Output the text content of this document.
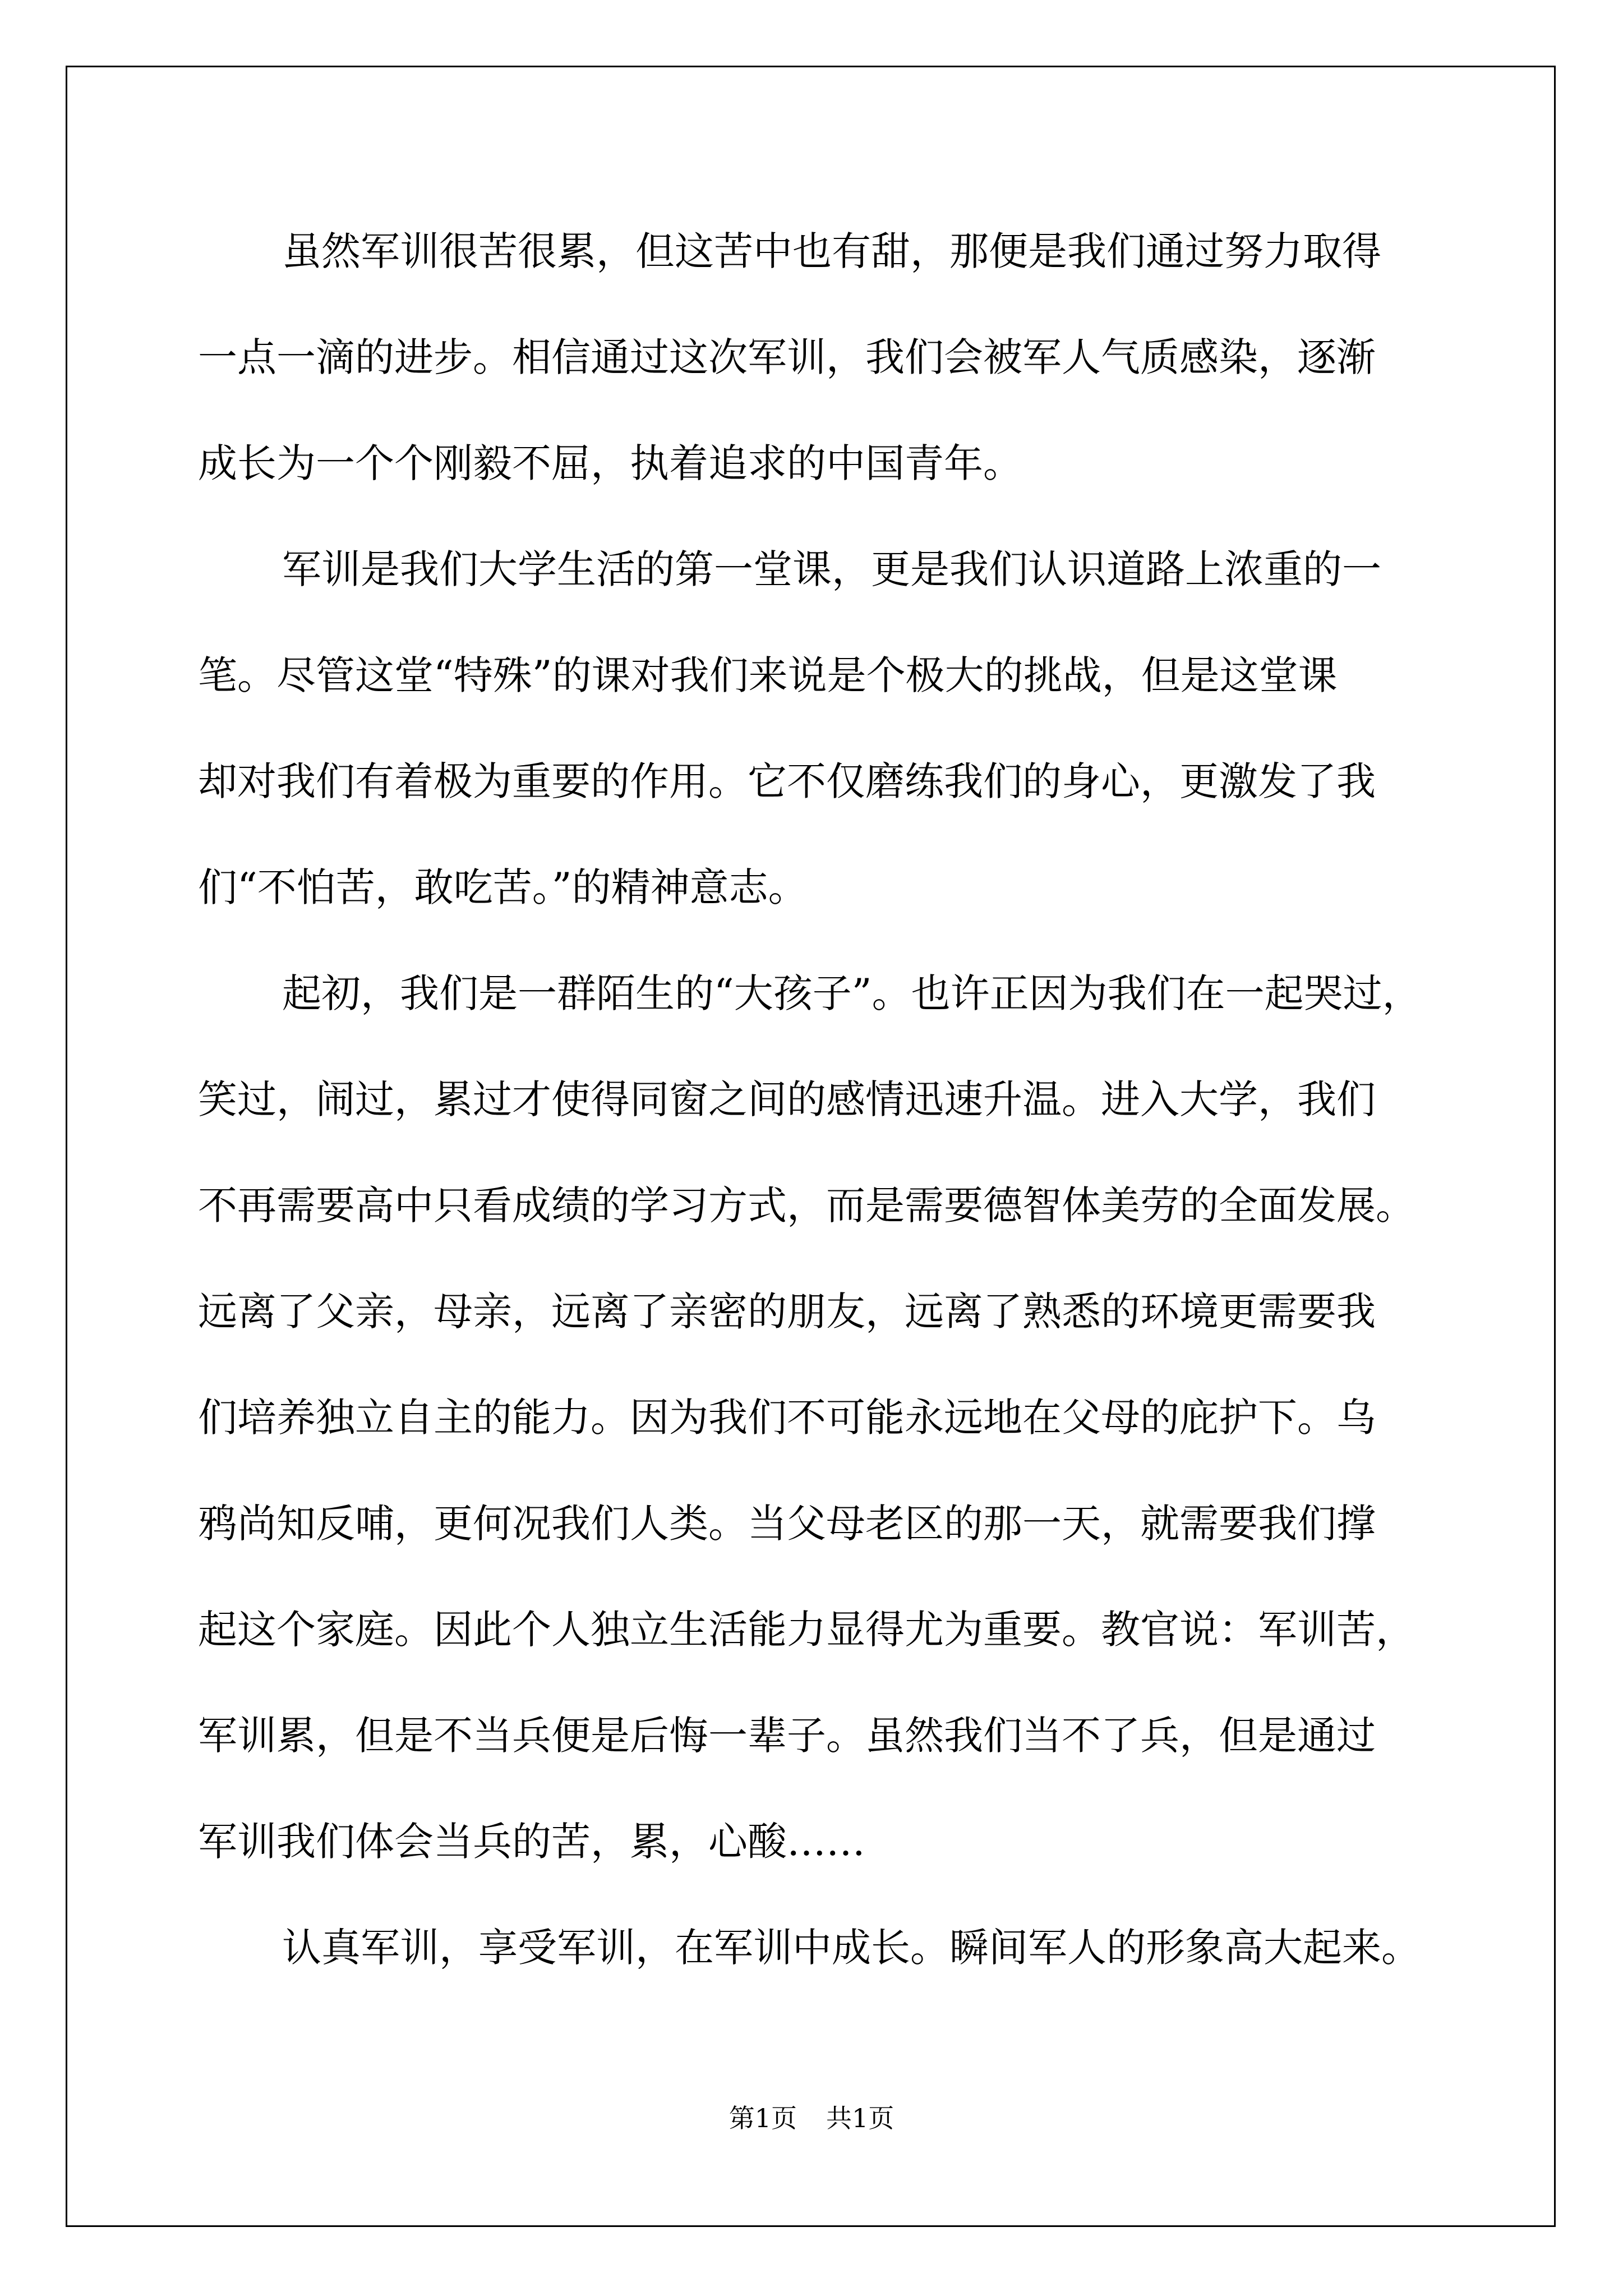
虽然军训很苦很累，但这苦中也有甜，那便是我们通过努力取得
一点一滴的进步。相信通过这次军训，我们会被军人气质感染，逐渐
成长为一个个刚毅不屈，执着追求的中国青年。
军训是我们大学生活的第一堂课，更是我们认识道路上浓重的一
笔。尽管这堂“特殊”的课对我们来说是个极大的挑战，但是这堂课
却对我们有着极为重要的作用。它不仅磨练我们的身心，更激发了我
们“不怕苦，敢吃苦。”的精神意志。
起初，我们是一群陌生的“大孩子”。也许正因为我们在一起哭过，
笑过，闹过，累过才使得同窗之间的感情迅速升温。进入大学，我们
不再需要高中只看成绩的学习方式，而是需要德智体美劳的全面发展。
远离了父亲，母亲，远离了亲密的朋友，远离了熟悉的环境更需要我
们培养独立自主的能力。因为我们不可能永远地在父母的庇护下。乌
鸦尚知反哺，更何况我们人类。当父母老区的那一天，就需要我们撑
起这个家庭。因此个人独立生活能力显得尤为重要。教官说：军训苦，
军训累，但是不当兵便是后悔一辈子。虽然我们当不了兵，但是通过
军训我们体会当兵的苦，累，心酸……
认真军训，享受军训，在军训中成长。瞬间军人的形象高大起来。
第1页 共1页
